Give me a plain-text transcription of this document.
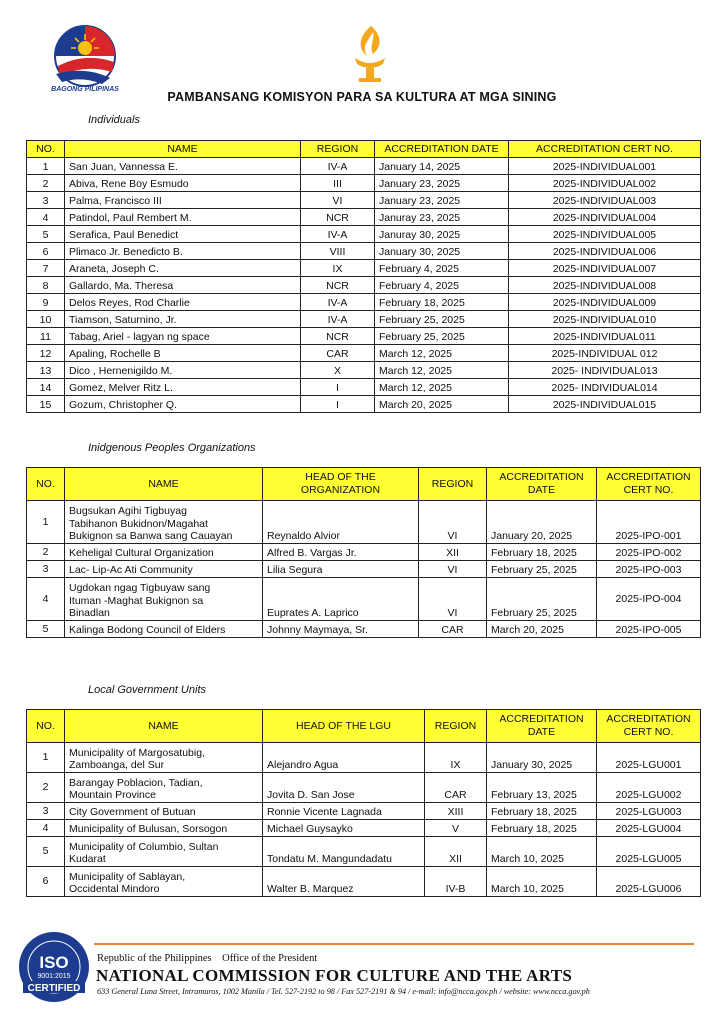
BAGONG PILIPINAS
PAMBANSANG KOMISYON PARA SA KULTURA AT MGA SINING
Individuals
NO.	NAME	REGION	ACCREDITATION DATE	ACCREDITATION CERT NO.
1	San Juan, Vannessa E.	IV-A	January 14, 2025	2025-INDIVIDUAL001
2	Abiva, Rene Boy Esmudo	III	January 23, 2025	2025-INDIVIDUAL002
3	Palma, Francisco III	VI	January 23, 2025	2025-INDIVIDUAL003
4	Patindol, Paul Rembert M.	NCR	Januray 23, 2025	2025-INDIVIDUAL004
5	Serafica, Paul Benedict	IV-A	Januray 30, 2025	2025-INDIVIDUAL005
6	Plimaco Jr. Benedicto B.	VIII	January 30, 2025	2025-INDIVIDUAL006
7	Araneta, Joseph C.	IX	February 4, 2025	2025-INDIVIDUAL007
8	Gallardo, Ma. Theresa	NCR	February 4, 2025	2025-INDIVIDUAL008
9	Delos Reyes, Rod Charlie	IV-A	February 18, 2025	2025-INDIVIDUAL009
10	Tiamson, Saturnino, Jr.	IV-A	February 25, 2025	2025-INDIVIDUAL010
11	Tabag, Ariel - lagyan ng space	NCR	February 25, 2025	2025-INDIVIDUAL011
12	Apaling, Rochelle B	CAR	March 12, 2025	2025-INDIVIDUAL 012
13	Dico , Hernenigildo M.	X	March 12, 2025	2025- INDIVIDUAL013
14	Gomez, Melver Ritz L.	I	March 12, 2025	2025- INDIVIDUAL014
15	Gozum, Christopher Q.	I	March 20, 2025	2025-INDIVIDUAL015
Inidgenous Peoples Organizations
NO.	NAME	HEAD OF THE ORGANIZATION	REGION	ACCREDITATION DATE	ACCREDITATION CERT NO.
1	Bugsukan Agihi Tigbuyag
Tabihanon Bukidnon/Magahat
Bukignon sa Banwa sang Cauayan	Reynaldo Alvior	VI	January 20, 2025	2025-IPO-001
2	Keheligal Cultural Organization	Alfred B. Vargas Jr.	XII	February 18, 2025	2025-IPO-002
3	Lac- Lip-Ac Ati Community	Lilia Segura	VI	February 25, 2025	2025-IPO-003
4	Ugdokan ngag Tigbuyaw sang
Ituman -Maghat Bukignon sa
Binadlan	Euprates A. Laprico	VI	February 25, 2025	2025-IPO-004
5	Kalinga Bodong Council of Elders	Johnny Maymaya, Sr.	CAR	March 20, 2025	2025-IPO-005
Local Government Units
NO.	NAME	HEAD OF THE LGU	REGION	ACCREDITATION DATE	ACCREDITATION CERT NO.
1	Municipality of Margosatubig,
Zamboanga, del Sur	Alejandro Agua	IX	January 30, 2025	2025-LGU001
2	Barangay Poblacion, Tadian,
Mountain Province	Jovita D. San Jose	CAR	February 13, 2025	2025-LGU002
3	City Government of Butuan	Ronnie Vicente Lagnada	XIII	February 18, 2025	2025-LGU003
4	Municipality of Bulusan, Sorsogon	Michael Guysayko	V	February 18, 2025	2025-LGU004
5	Municipality of Columbio, Sultan
Kudarat	Tondatu M. Mangundadatu	XII	March 10, 2025	2025-LGU005
6	Municipality of Sablayan,
Occidental Mindoro	Walter B. Marquez	IV-B	March 10, 2025	2025-LGU006
ISO
9001:2015
CERTIFIED
Republic of the Philippines    Office of the President
NATIONAL COMMISSION FOR CULTURE AND THE ARTS
633 General Luna Street, Intramuros, 1002 Manila / Tel. 527-2192 to 98 / Fax 527-2191 & 94 / e-mail: info@ncca.gov.ph / website: www.ncca.gov.ph
